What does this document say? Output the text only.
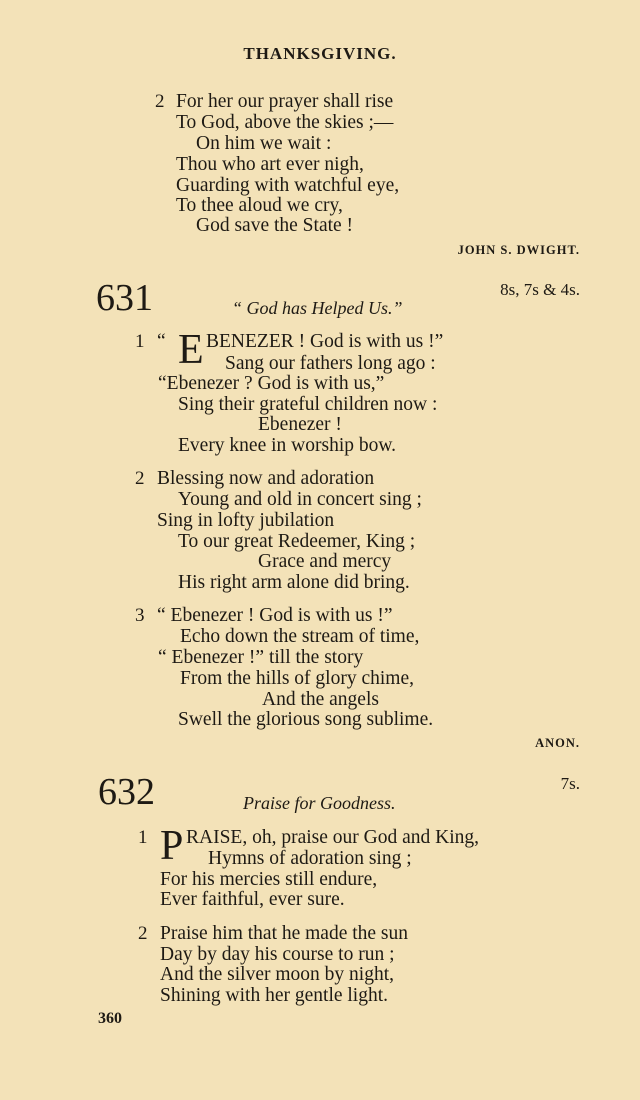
THANKSGIVING.
2 For her our prayer shall rise
To God, above the skies ;—
On him we wait :
Thou who art ever nigh,
Guarding with watchful eye,
To thee aloud we cry,
God save the State !
JOHN S. DWIGHT.
631	8s, 7s & 4s.
“ God has Helped Us.”
1 “ E BENEZER ! God is with us !”
Sang our fathers long ago :
“Ebenezer ? God is with us,”
Sing their grateful children now :
Ebenezer !
Every knee in worship bow.
2 Blessing now and adoration
Young and old in concert sing ;
Sing in lofty jubilation
To our great Redeemer, King ;
Grace and mercy
His right arm alone did bring.
3 “ Ebenezer ! God is with us !”
Echo down the stream of time,
“ Ebenezer !” till the story
From the hills of glory chime,
And the angels
Swell the glorious song sublime.
ANON.
632	7s.
Praise for Goodness.
1 P RAISE, oh, praise our God and King,
Hymns of adoration sing ;
For his mercies still endure,
Ever faithful, ever sure.
2 Praise him that he made the sun
Day by day his course to run ;
And the silver moon by night,
Shining with her gentle light.
360
